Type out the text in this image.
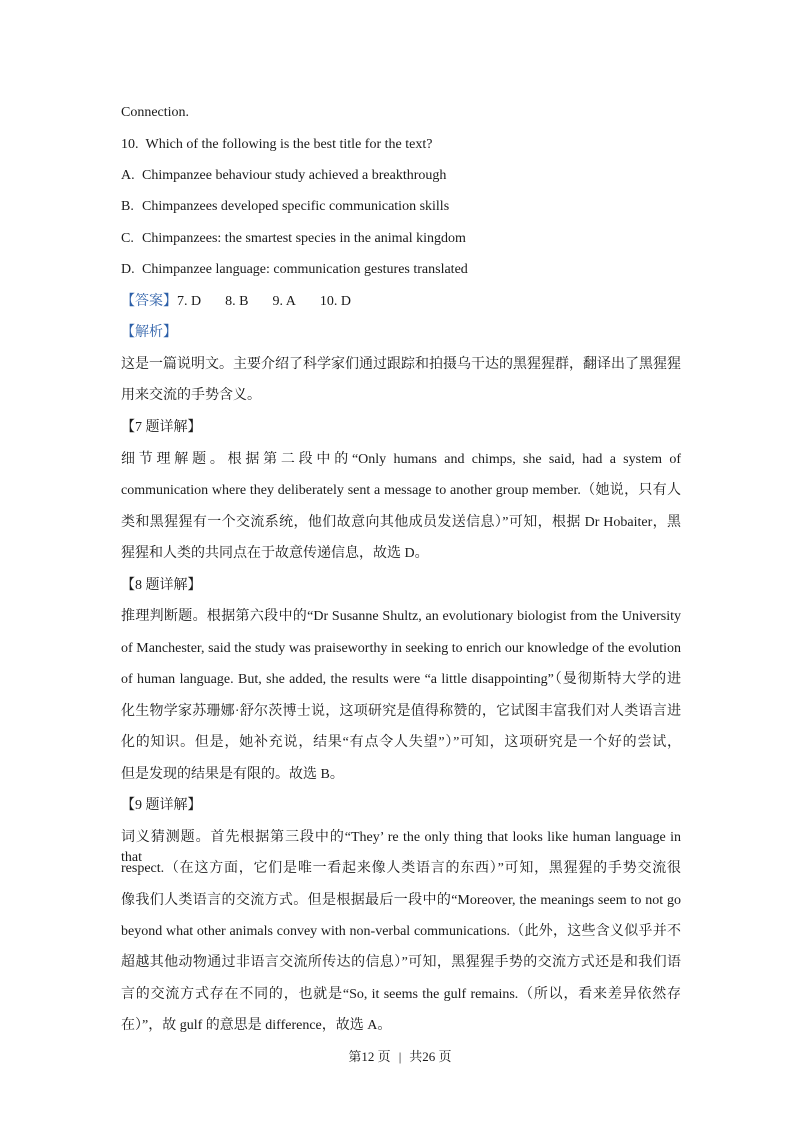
Connection.
10. Which of the following is the best title for the text?
A. Chimpanzee behaviour study achieved a breakthrough
B. Chimpanzees developed specific communication skills
C. Chimpanzees: the smartest species in the animal kingdom
D. Chimpanzee language: communication gestures translated
【答案】7. D 8. B 9. A 10. D
【解析】
这是一篇说明文。主要介绍了科学家们通过跟踪和拍摄乌干达的黑猩猩群，翻译出了黑猩猩
用来交流的手势含义。
【7 题详解】
细节理解题。根据第二段中的“Only humans and chimps, she said, had a system of
communication where they deliberately sent a message to another group member.（她说，只有人
类和黑猩猩有一个交流系统，他们故意向其他成员发送信息）”可知，根据 Dr Hobaiter，黑
猩猩和人类的共同点在于故意传递信息，故选 D。
【8 题详解】
推理判断题。根据第六段中的“Dr Susanne Shultz, an evolutionary biologist from the University
of Manchester, said the study was praiseworthy in seeking to enrich our knowledge of the evolution
of human language. But, she added, the results were “a little disappointing”（曼彻斯特大学的进
化生物学家苏珊娜·舒尔茨博士说，这项研究是值得称赞的，它试图丰富我们对人类语言进
化的知识。但是，她补充说，结果“有点令人失望”）”可知，这项研究是一个好的尝试，
但是发现的结果是有限的。故选 B。
【9 题详解】
词义猜测题。首先根据第三段中的“They’ re the only thing that looks like human language in that
respect.（在这方面，它们是唯一看起来像人类语言的东西）”可知，黑猩猩的手势交流很
像我们人类语言的交流方式。但是根据最后一段中的“Moreover, the meanings seem to not go
beyond what other animals convey with non-verbal communications.（此外，这些含义似乎并不
超越其他动物通过非语言交流所传达的信息）”可知，黑猩猩手势的交流方式还是和我们语
言的交流方式存在不同的，也就是“So, it seems the gulf remains.（所以，看来差异依然存
在）”，故 gulf 的意思是 difference，故选 A。
第12 页 | 共26 页
